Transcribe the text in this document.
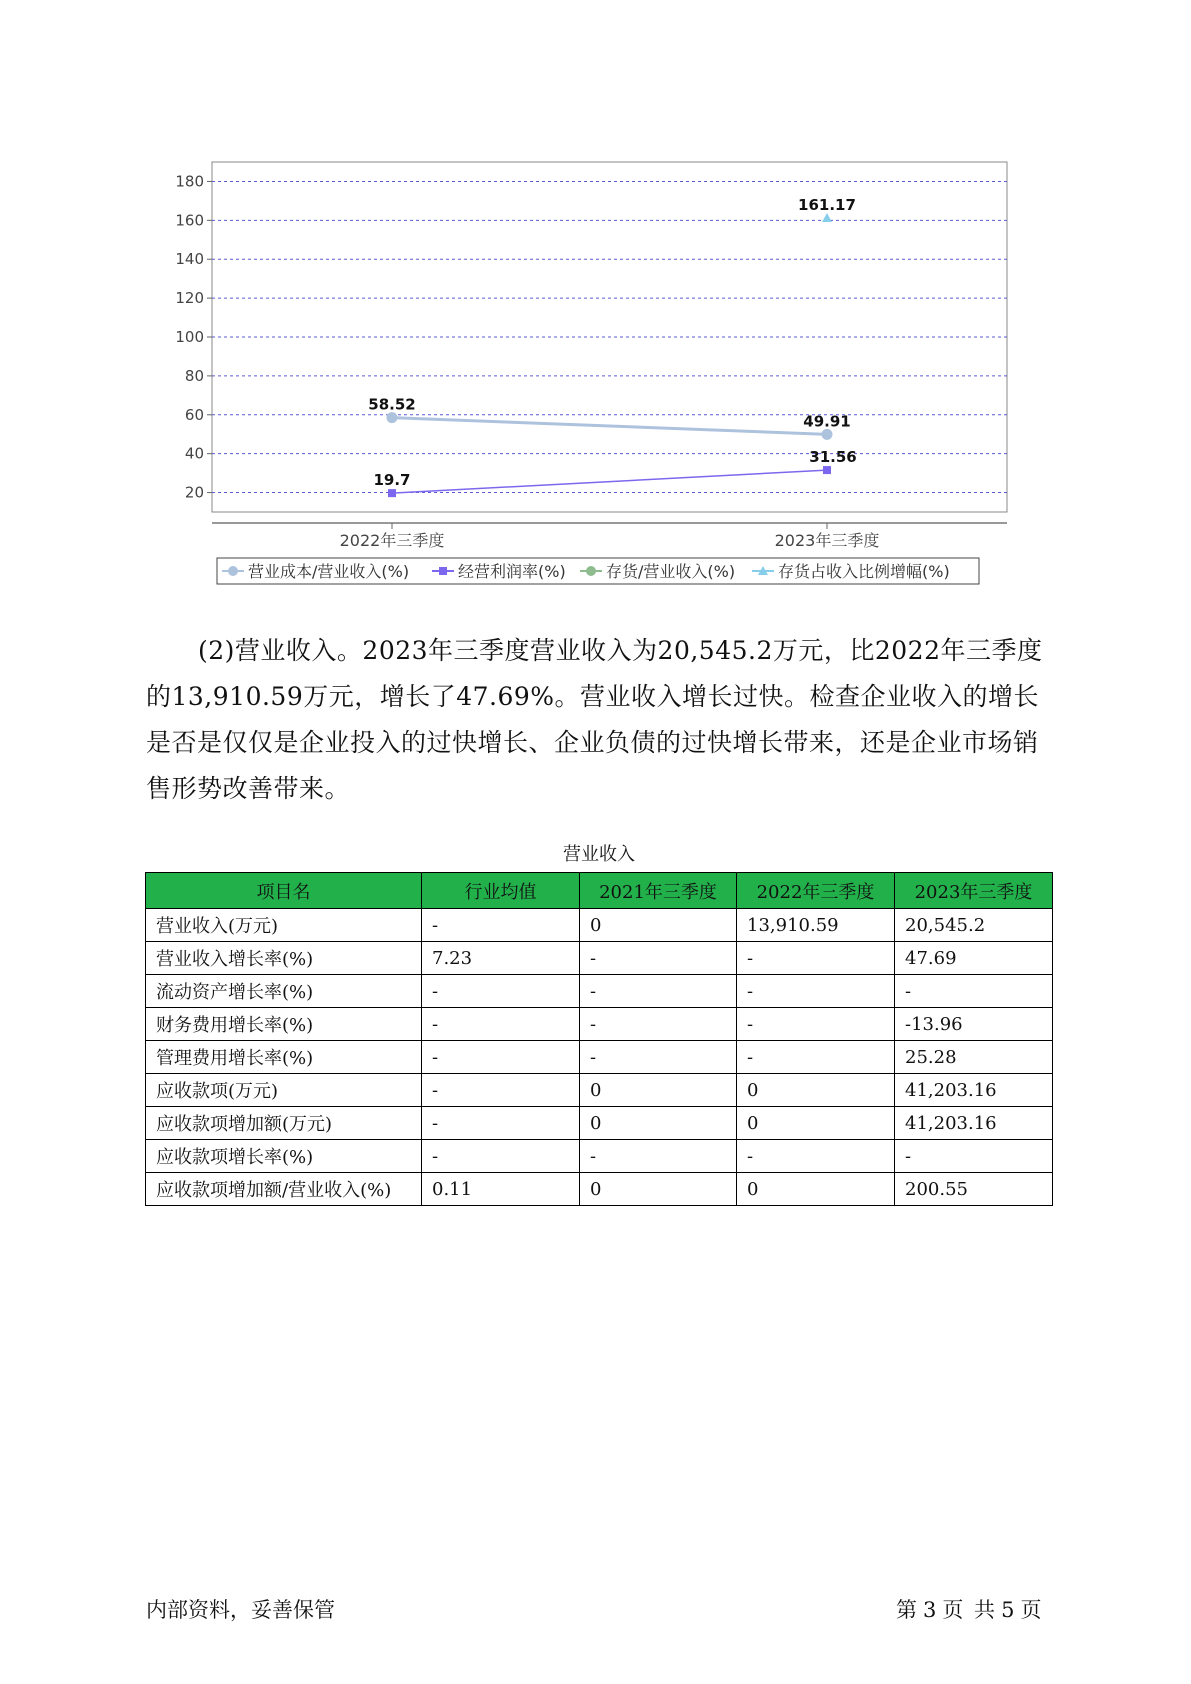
20
40
60
80
100
120
140
160
180
2022年三季度	2023年三季度
58.52
49.91
19.7
31.56
161.17
营业成本/营业收入(%)	经营利润率(%)	存货/营业收入(%)	存货占收入比例增幅(%)

(2)营业收入。2023年三季度营业收入为20,545.2万元，比2022年三季度的13,910.59万元，增长了47.69%。营业收入增长过快。检查企业收入的增长是否是仅仅是企业投入的过快增长、企业负债的过快增长带来，还是企业市场销售形势改善带来。

营业收入
项目名	行业均值	2021年三季度	2022年三季度	2023年三季度
营业收入(万元)	-	0	13,910.59	20,545.2
营业收入增长率(%)	7.23	-	-	47.69
流动资产增长率(%)	-	-	-	-
财务费用增长率(%)	-	-	-	-13.96
管理费用增长率(%)	-	-	-	25.28
应收款项(万元)	-	0	0	41,203.16
应收款项增加额(万元)	-	0	0	41,203.16
应收款项增长率(%)	-	-	-	-
应收款项增加额/营业收入(%)	0.11	0	0	200.55
内部资料，妥善保管	第 3 页 共 5 页
